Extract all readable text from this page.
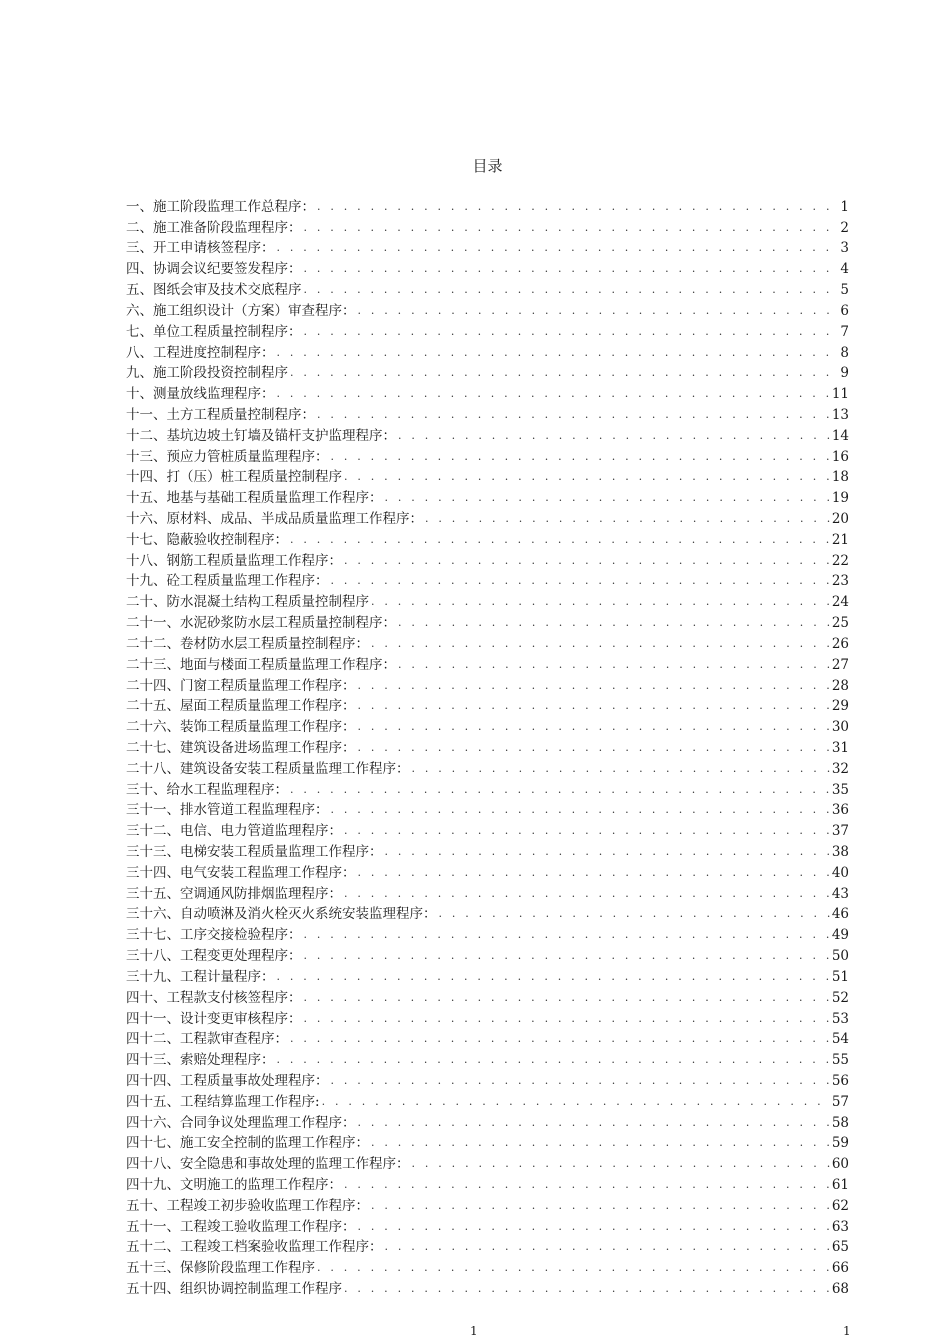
目录
一、施工阶段监理工作总程序： . . .	1
二、施工准备阶段监理程序： . . .	2
三、开工申请核签程序： . . .	3
四、协调会议纪要签发程序： . . .	4
五、图纸会审及技术交底程序 . . .	5
六、施工组织设计（方案）审查程序： . . .	6
七、单位工程质量控制程序： . . .	7
八、工程进度控制程序： . . .	8
九、施工阶段投资控制程序 . . .	9
十、测量放线监理程序： . . .	11
十一、土方工程质量控制程序： . . .	13
十二、基坑边坡土钉墙及锚杆支护监理程序： . . .	14
十三、预应力管桩质量监理程序： . . .	16
十四、打（压）桩工程质量控制程序 . . .	18
十五、地基与基础工程质量监理工作程序： . . .	19
十六、原材料、成品、半成品质量监理工作程序： . . .	20
十七、隐蔽验收控制程序： . . .	21
十八、钢筋工程质量监理工作程序： . . .	22
十九、砼工程质量监理工作程序： . . .	23
二十、防水混凝土结构工程质量控制程序 . . .	24
二十一、水泥砂浆防水层工程质量控制程序： . . .	25
二十二、卷材防水层工程质量控制程序： . . .	26
二十三、地面与楼面工程质量监理工作程序： . . .	27
二十四、门窗工程质量监理工作程序： . . .	28
二十五、屋面工程质量监理工作程序： . . .	29
二十六、装饰工程质量监理工作程序： . . .	30
二十七、建筑设备进场监理工作程序： . . .	31
二十八、建筑设备安装工程质量监理工作程序： . . .	32
三十、给水工程监理程序： . . .	35
三十一、排水管道工程监理程序： . . .	36
三十二、电信、电力管道监理程序： . . .	37
三十三、电梯安装工程质量监理工作程序： . . .	38
三十四、电气安装工程监理工作程序： . . .	40
三十五、空调通风防排烟监理程序： . . .	43
三十六、自动喷淋及消火栓灭火系统安装监理程序： . . .	46
三十七、工序交接检验程序： . . .	49
三十八、工程变更处理程序： . . .	50
三十九、工程计量程序： . . .	51
四十、工程款支付核签程序： . . .	52
四十一、设计变更审核程序： . . .	53
四十二、工程款审查程序： . . .	54
四十三、索赔处理程序： . . .	55
四十四、工程质量事故处理程序： . . .	56
四十五、工程结算监理工作程序: . . .	57
四十六、合同争议处理监理工作程序： . . .	58
四十七、施工安全控制的监理工作程序： . . .	59
四十八、安全隐患和事故处理的监理工作程序： . . .	60
四十九、文明施工的监理工作程序： . . .	61
五十、工程竣工初步验收监理工作程序： . . .	62
五十一、工程竣工验收监理工作程序： . . .	63
五十二、工程竣工档案验收监理工作程序： . . .	65
五十三、保修阶段监理工作程序 . . .	66
五十四、组织协调控制监理工作程序 . . .	68
1	1
